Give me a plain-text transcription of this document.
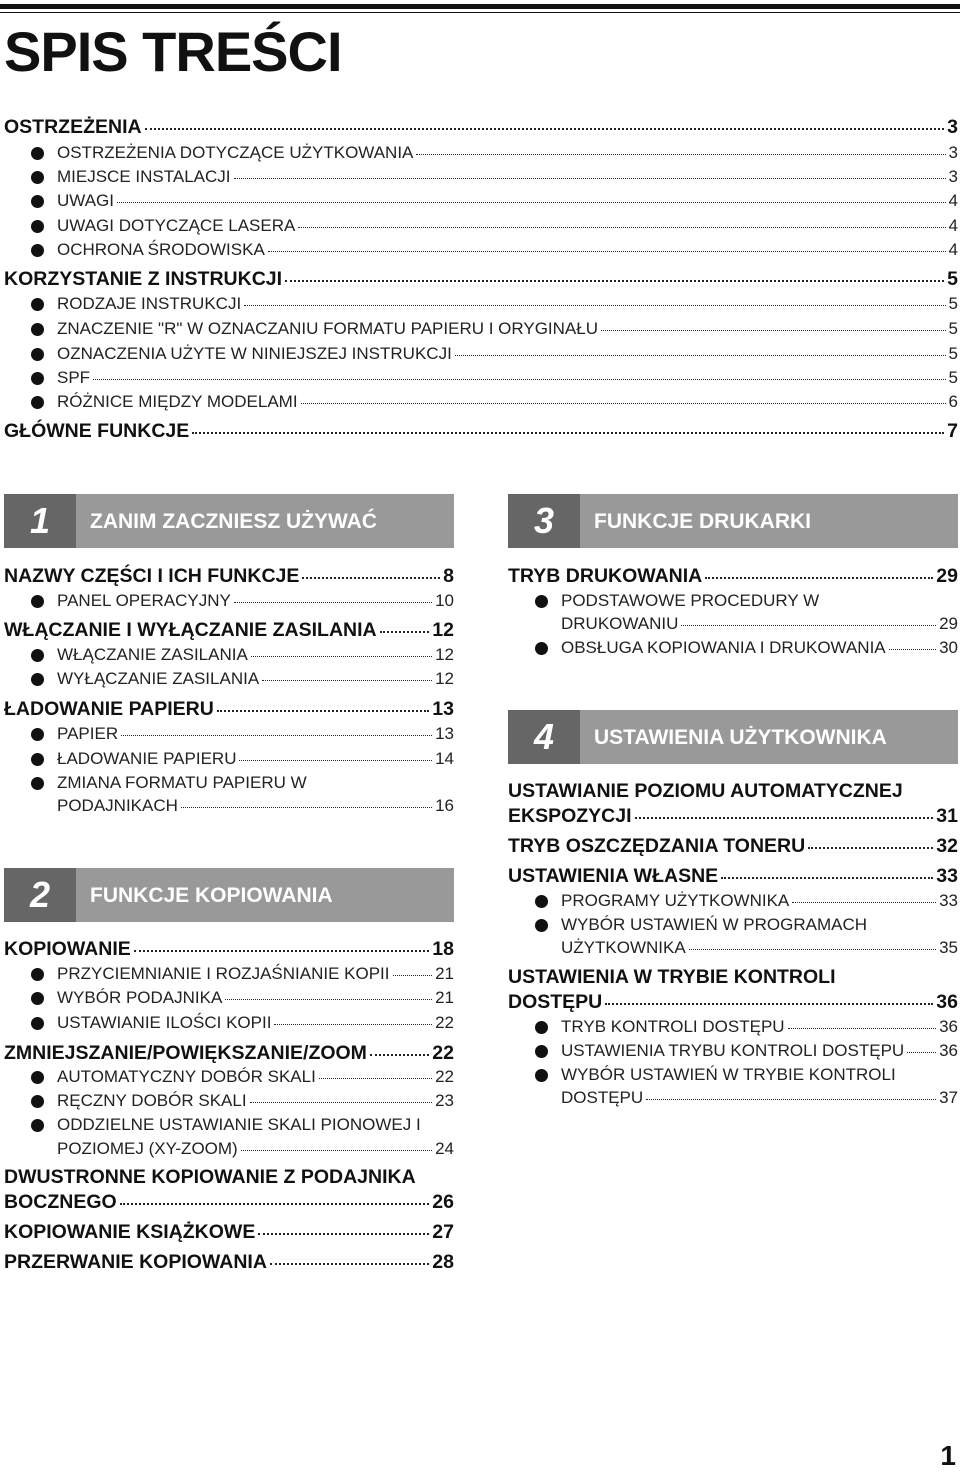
SPIS TREŚCI
OSTRZEŻENIA	3
OSTRZEŻENIA DOTYCZĄCE UŻYTKOWANIA	3
MIEJSCE INSTALACJI	3
UWAGI	4
UWAGI DOTYCZĄCE LASERA	4
OCHRONA ŚRODOWISKA	4
KORZYSTANIE Z INSTRUKCJI	5
RODZAJE INSTRUKCJI	5
ZNACZENIE "R" W OZNACZANIU FORMATU PAPIERU I ORYGINAŁU	5
OZNACZENIA UŻYTE W NINIEJSZEJ INSTRUKCJI	5
SPF	5
RÓŻNICE MIĘDZY MODELAMI	6
GŁÓWNE FUNKCJE	7
1	ZANIM ZACZNIESZ UŻYWAĆ
NAZWY CZĘŚCI I ICH FUNKCJE	8
PANEL OPERACYJNY	10
WŁĄCZANIE I WYŁĄCZANIE ZASILANIA	12
WŁĄCZANIE ZASILANIA	12
WYŁĄCZANIE ZASILANIA	12
ŁADOWANIE PAPIERU	13
PAPIER	13
ŁADOWANIE PAPIERU	14
ZMIANA FORMATU PAPIERU W
PODAJNIKACH	16
2	FUNKCJE KOPIOWANIA
KOPIOWANIE	18
PRZYCIEMNIANIE I ROZJAŚNIANIE KOPII	21
WYBÓR PODAJNIKA	21
USTAWIANIE ILOŚCI KOPII	22
ZMNIEJSZANIE/POWIĘKSZANIE/ZOOM	22
AUTOMATYCZNY DOBÓR SKALI	22
RĘCZNY DOBÓR SKALI	23
ODDZIELNE USTAWIANIE SKALI PIONOWEJ I
POZIOMEJ (XY-ZOOM)	24
DWUSTRONNE KOPIOWANIE Z PODAJNIKA
BOCZNEGO	26
KOPIOWANIE KSIĄŻKOWE	27
PRZERWANIE KOPIOWANIA	28
3	FUNKCJE DRUKARKI
TRYB DRUKOWANIA	29
PODSTAWOWE PROCEDURY W
DRUKOWANIU	29
OBSŁUGA KOPIOWANIA I DRUKOWANIA	30
4	USTAWIENIA UŻYTKOWNIKA
USTAWIANIE POZIOMU AUTOMATYCZNEJ
EKSPOZYCJI	31
TRYB OSZCZĘDZANIA TONERU	32
USTAWIENIA WŁASNE	33
PROGRAMY UŻYTKOWNIKA	33
WYBÓR USTAWIEŃ W PROGRAMACH
UŻYTKOWNIKA	35
USTAWIENIA W TRYBIE KONTROLI
DOSTĘPU	36
TRYB KONTROLI DOSTĘPU	36
USTAWIENIA TRYBU KONTROLI DOSTĘPU 36
WYBÓR USTAWIEŃ W TRYBIE KONTROLI
DOSTĘPU	37
1
